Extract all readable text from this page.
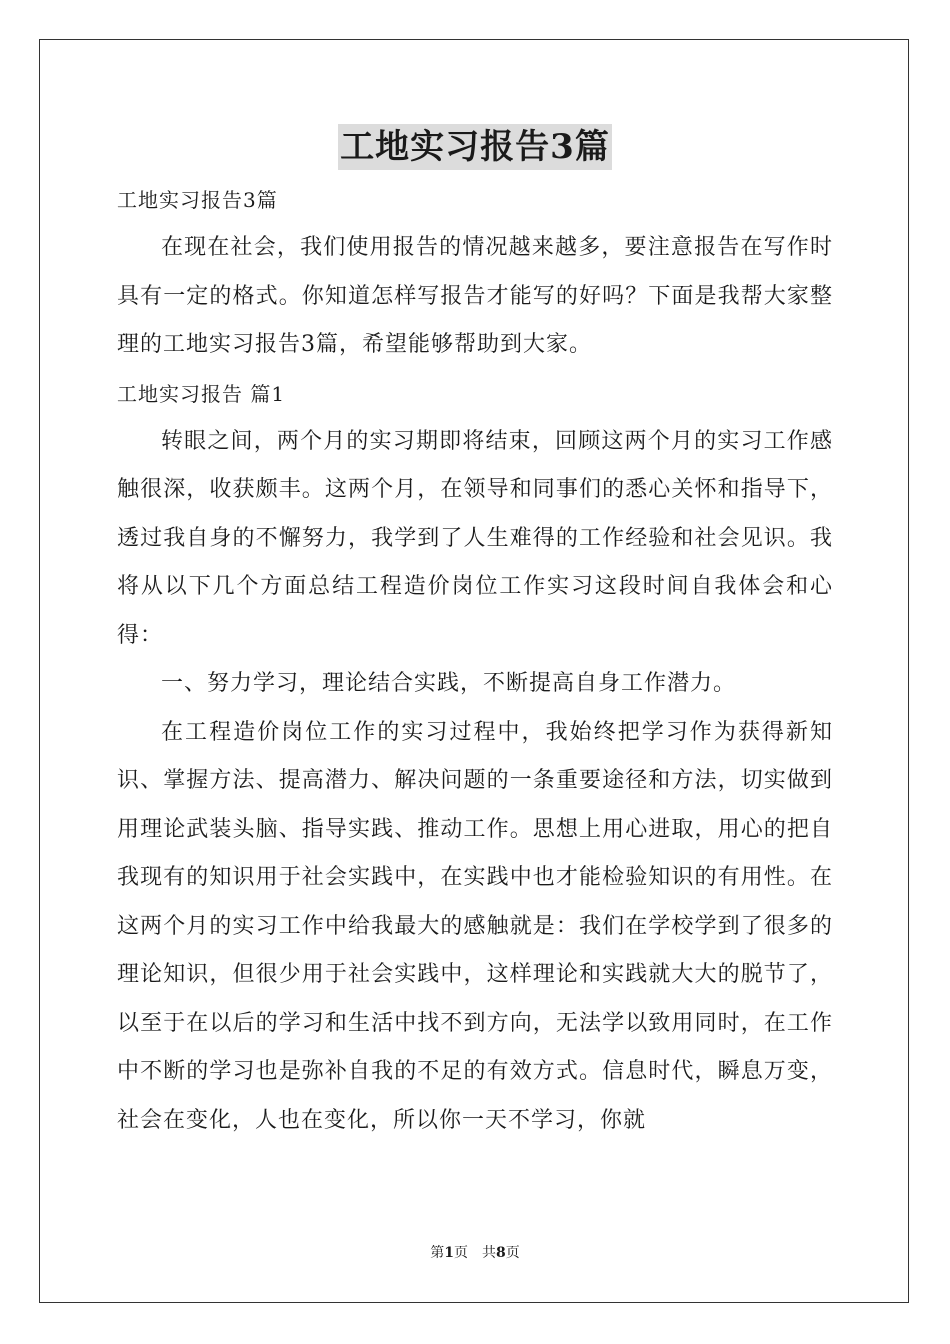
工地实习报告3篇

工地实习报告3篇

在现在社会，我们使用报告的情况越来越多，要注意报告在写作时具有一定的格式。你知道怎样写报告才能写的好吗？下面是我帮大家整理的工地实习报告3篇，希望能够帮助到大家。

工地实习报告 篇1

转眼之间，两个月的实习期即将结束，回顾这两个月的实习工作感触很深，收获颇丰。这两个月，在领导和同事们的悉心关怀和指导下，透过我自身的不懈努力，我学到了人生难得的工作经验和社会见识。我将从以下几个方面总结工程造价岗位工作实习这段时间自我体会和心得：

一、努力学习，理论结合实践，不断提高自身工作潜力。

在工程造价岗位工作的实习过程中，我始终把学习作为获得新知识、掌握方法、提高潜力、解决问题的一条重要途径和方法，切实做到用理论武装头脑、指导实践、推动工作。思想上用心进取，用心的把自我现有的知识用于社会实践中，在实践中也才能检验知识的有用性。在这两个月的实习工作中给我最大的感触就是：我们在学校学到了很多的理论知识，但很少用于社会实践中，这样理论和实践就大大的脱节了，以至于在以后的学习和生活中找不到方向，无法学以致用同时，在工作中不断的学习也是弥补自我的不足的有效方式。信息时代，瞬息万变，社会在变化，人也在变化，所以你一天不学习，你就

第1页　共8页
